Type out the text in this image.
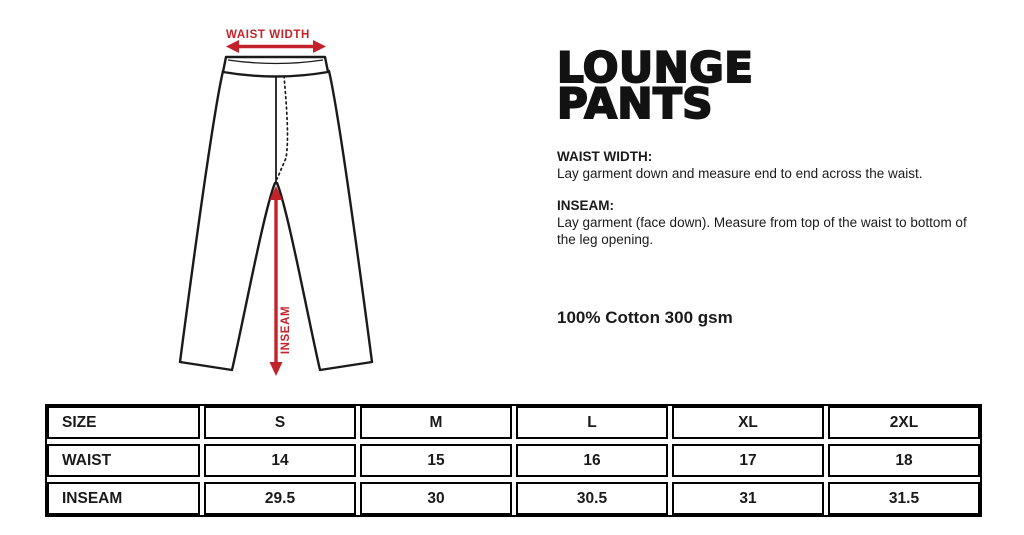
WAIST WIDTH
INSEAM
LOUNGE
PANTS
WAIST WIDTH:
Lay garment down and measure end to end across the waist.
INSEAM:
Lay garment (face down). Measure from top of the waist to bottom of the leg opening.
100% Cotton 300 gsm
SIZE	S	M	L	XL	2XL
WAIST	14	15	16	17	18
INSEAM	29.5	30	30.5	31	31.5
